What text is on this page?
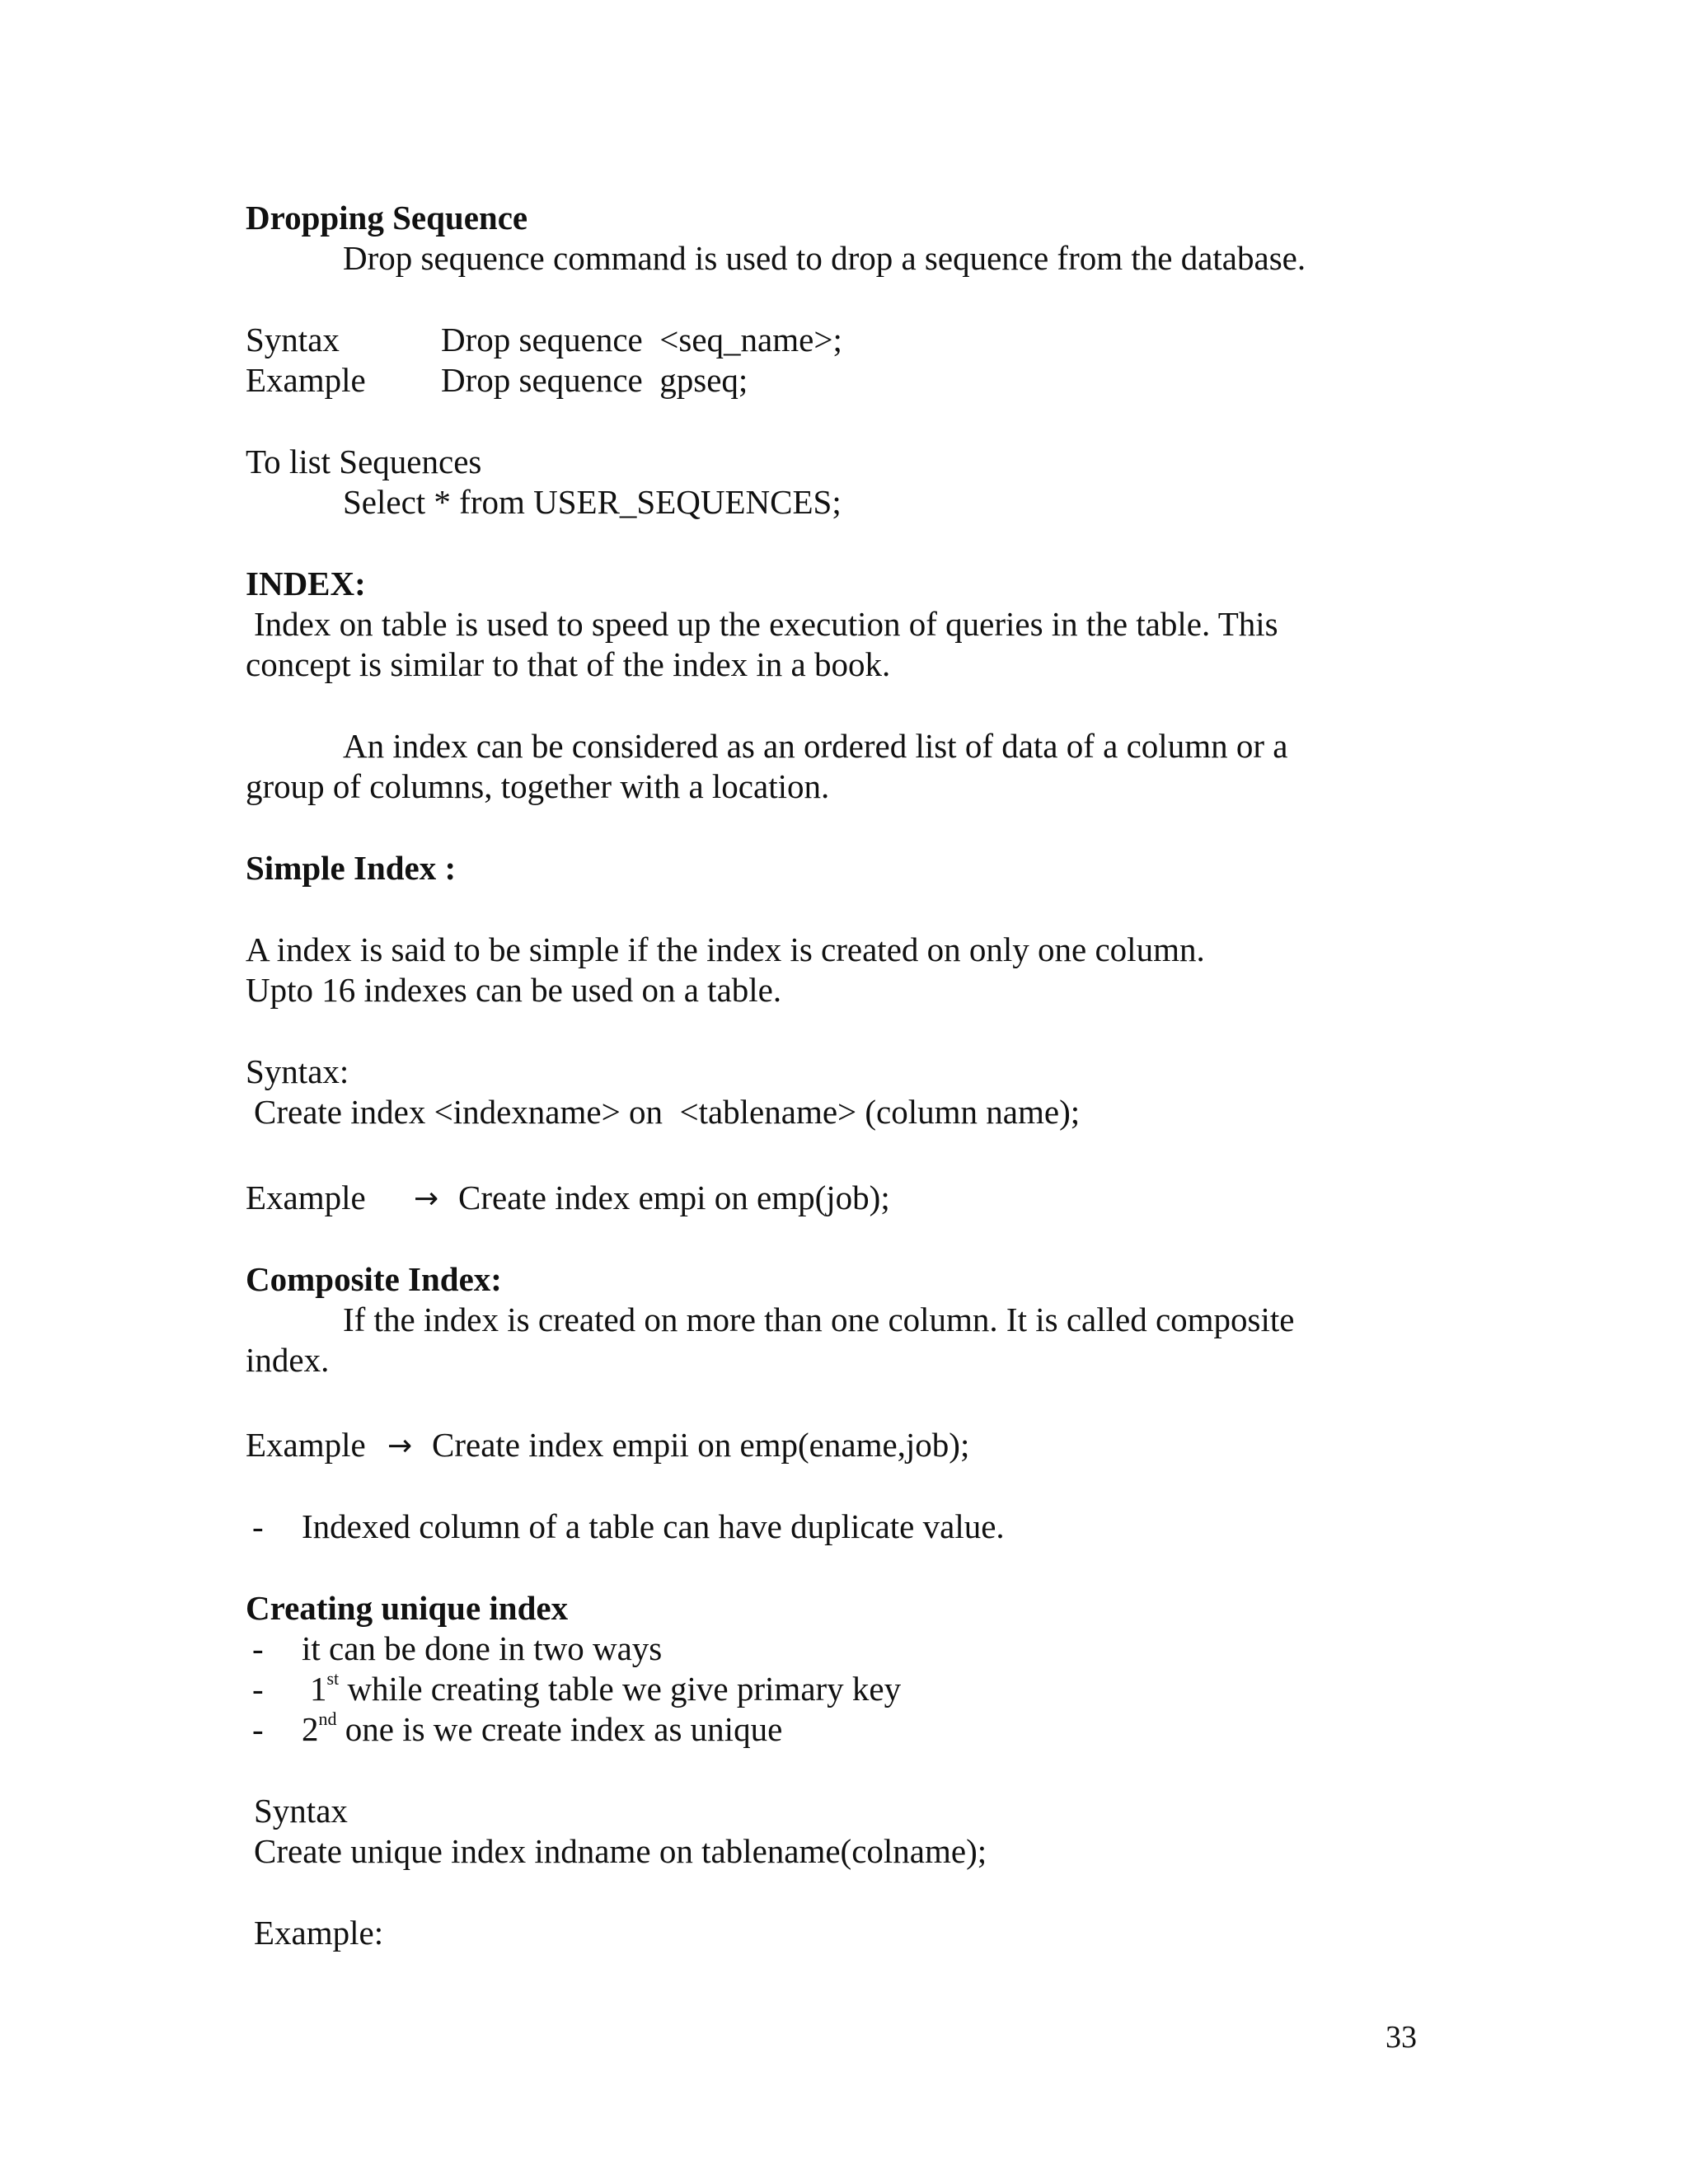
Dropping Sequence
Drop sequence command is used to drop a sequence from the database.
Syntax	Drop sequence  <seq_name>;
Example Drop sequence  gpseq;
To list Sequences
Select * from USER_SEQUENCES;
INDEX:
Index on table is used to speed up the execution of queries in the table. This
concept is similar to that of the index in a book.
An index can be considered as an ordered list of data of a column or a
group of columns, together with a location.
Simple Index :
A index is said to be simple if the index is created on only one column.
Upto 16 indexes can be used on a table.
Syntax:
Create index <indexname> on  <tablename> (column name);
Example → Create index empi on emp(job);
Composite Index:
If the index is created on more than one column. It is called composite
index.
Example → Create index empii on emp(ename,job);
- Indexed column of a table can have duplicate value.
Creating unique index
- it can be done in two ways
- 1st while creating table we give primary key
- 2nd one is we create index as unique
Syntax
Create unique index indname on tablename(colname);
Example:
33
